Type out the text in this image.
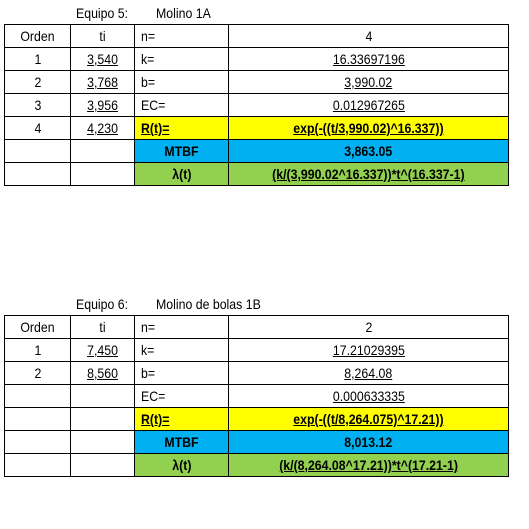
Equipo 5: Molino 1A
Orden	ti	n=	4
1	3,540	k=	16.33697196
2	3,768	b=	3,990.02
3	3,956	EC=	0.012967265
4	4,230	R(t)=	exp(-((t/3,990.02)^16.337))
		MTBF	3,863.05
		λ(t)	(k/(3,990.02^16.337))*t^(16.337-1)
Equipo 6: Molino de bolas 1B
Orden	ti	n=	2
1	7,450	k=	17.21029395
2	8,560	b=	8,264.08
		EC=	0.000633335
		R(t)=	exp(-((t/8,264.075)^17.21))
		MTBF	8,013.12
		λ(t)	(k/(8,264.08^17.21))*t^(17.21-1)
